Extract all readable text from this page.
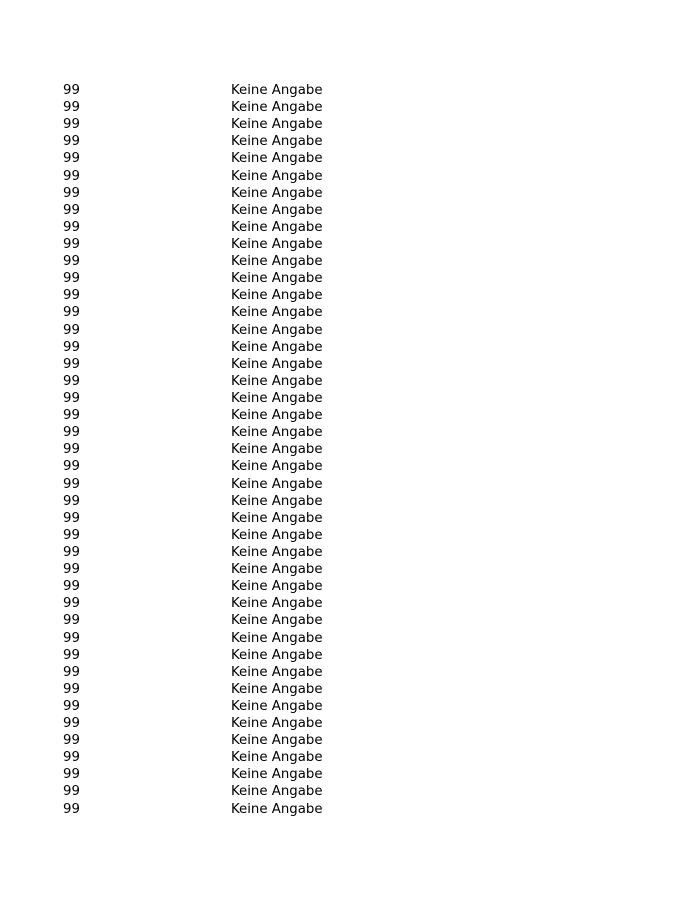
99	Keine Angabe
99	Keine Angabe
99	Keine Angabe
99	Keine Angabe
99	Keine Angabe
99	Keine Angabe
99	Keine Angabe
99	Keine Angabe
99	Keine Angabe
99	Keine Angabe
99	Keine Angabe
99	Keine Angabe
99	Keine Angabe
99	Keine Angabe
99	Keine Angabe
99	Keine Angabe
99	Keine Angabe
99	Keine Angabe
99	Keine Angabe
99	Keine Angabe
99	Keine Angabe
99	Keine Angabe
99	Keine Angabe
99	Keine Angabe
99	Keine Angabe
99	Keine Angabe
99	Keine Angabe
99	Keine Angabe
99	Keine Angabe
99	Keine Angabe
99	Keine Angabe
99	Keine Angabe
99	Keine Angabe
99	Keine Angabe
99	Keine Angabe
99	Keine Angabe
99	Keine Angabe
99	Keine Angabe
99	Keine Angabe
99	Keine Angabe
99	Keine Angabe
99	Keine Angabe
99	Keine Angabe
